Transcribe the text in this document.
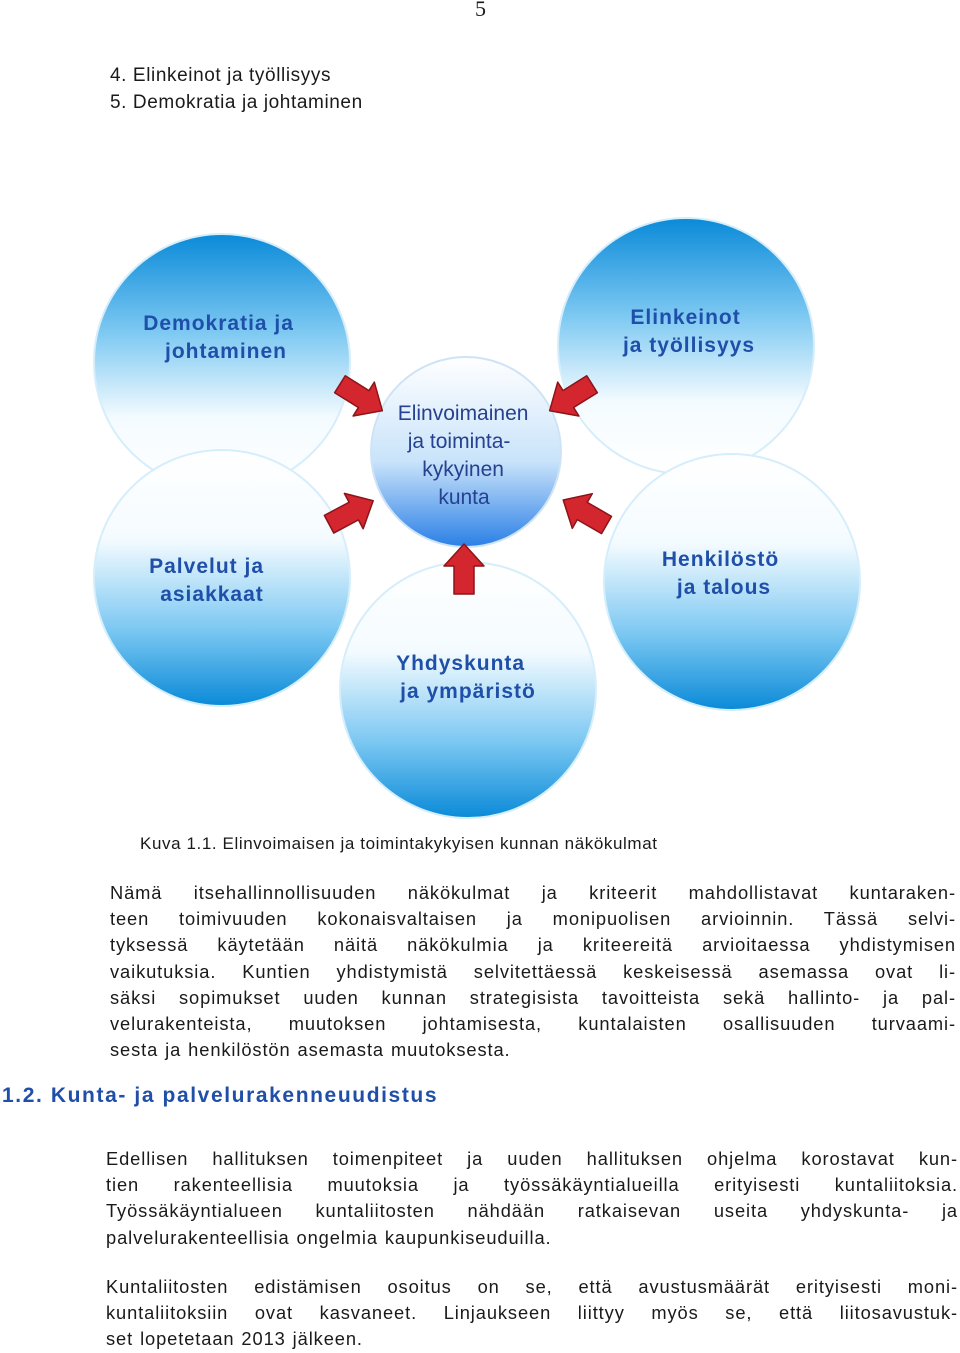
5
4. Elinkeinot ja työllisyys
5. Demokratia ja johtaminen
Demokratia ja johtaminen
Elinkeinot ja työllisyys
Palvelut ja asiakkaat
Henkilöstö ja talous
Yhdyskunta ja ympäristö
Elinvoimainen ja toiminta- kykyinen kunta
Kuva 1.1. Elinvoimaisen ja toimintakykyisen kunnan näkökulmat
Nämä itsehallinnollisuuden näkökulmat ja kriteerit mahdollistavat kuntaraken-
teen toimivuuden kokonaisvaltaisen ja monipuolisen arvioinnin. Tässä selvi-
tyksessä käytetään näitä näkökulmia ja kriteereitä arvioitaessa yhdistymisen
vaikutuksia. Kuntien yhdistymistä selvitettäessä keskeisessä asemassa ovat li-
säksi sopimukset uuden kunnan strategisista tavoitteista sekä hallinto- ja pal-
velurakenteista, muutoksen johtamisesta, kuntalaisten osallisuuden turvaami-
sesta ja henkilöstön asemasta muutoksesta.
1.2. Kunta- ja palvelurakenneuudistus
Edellisen hallituksen toimenpiteet ja uuden hallituksen ohjelma korostavat kun-
tien rakenteellisia muutoksia ja työssäkäyntialueilla erityisesti kuntaliitoksia.
Työssäkäyntialueen kuntaliitosten nähdään ratkaisevan useita yhdyskunta- ja
palvelurakenteellisia ongelmia kaupunkiseuduilla.
Kuntaliitosten edistämisen osoitus on se, että avustusmäärät erityisesti moni-
kuntaliitoksiin ovat kasvaneet. Linjaukseen liittyy myös se, että liitosavustuk-
set lopetetaan 2013 jälkeen.
